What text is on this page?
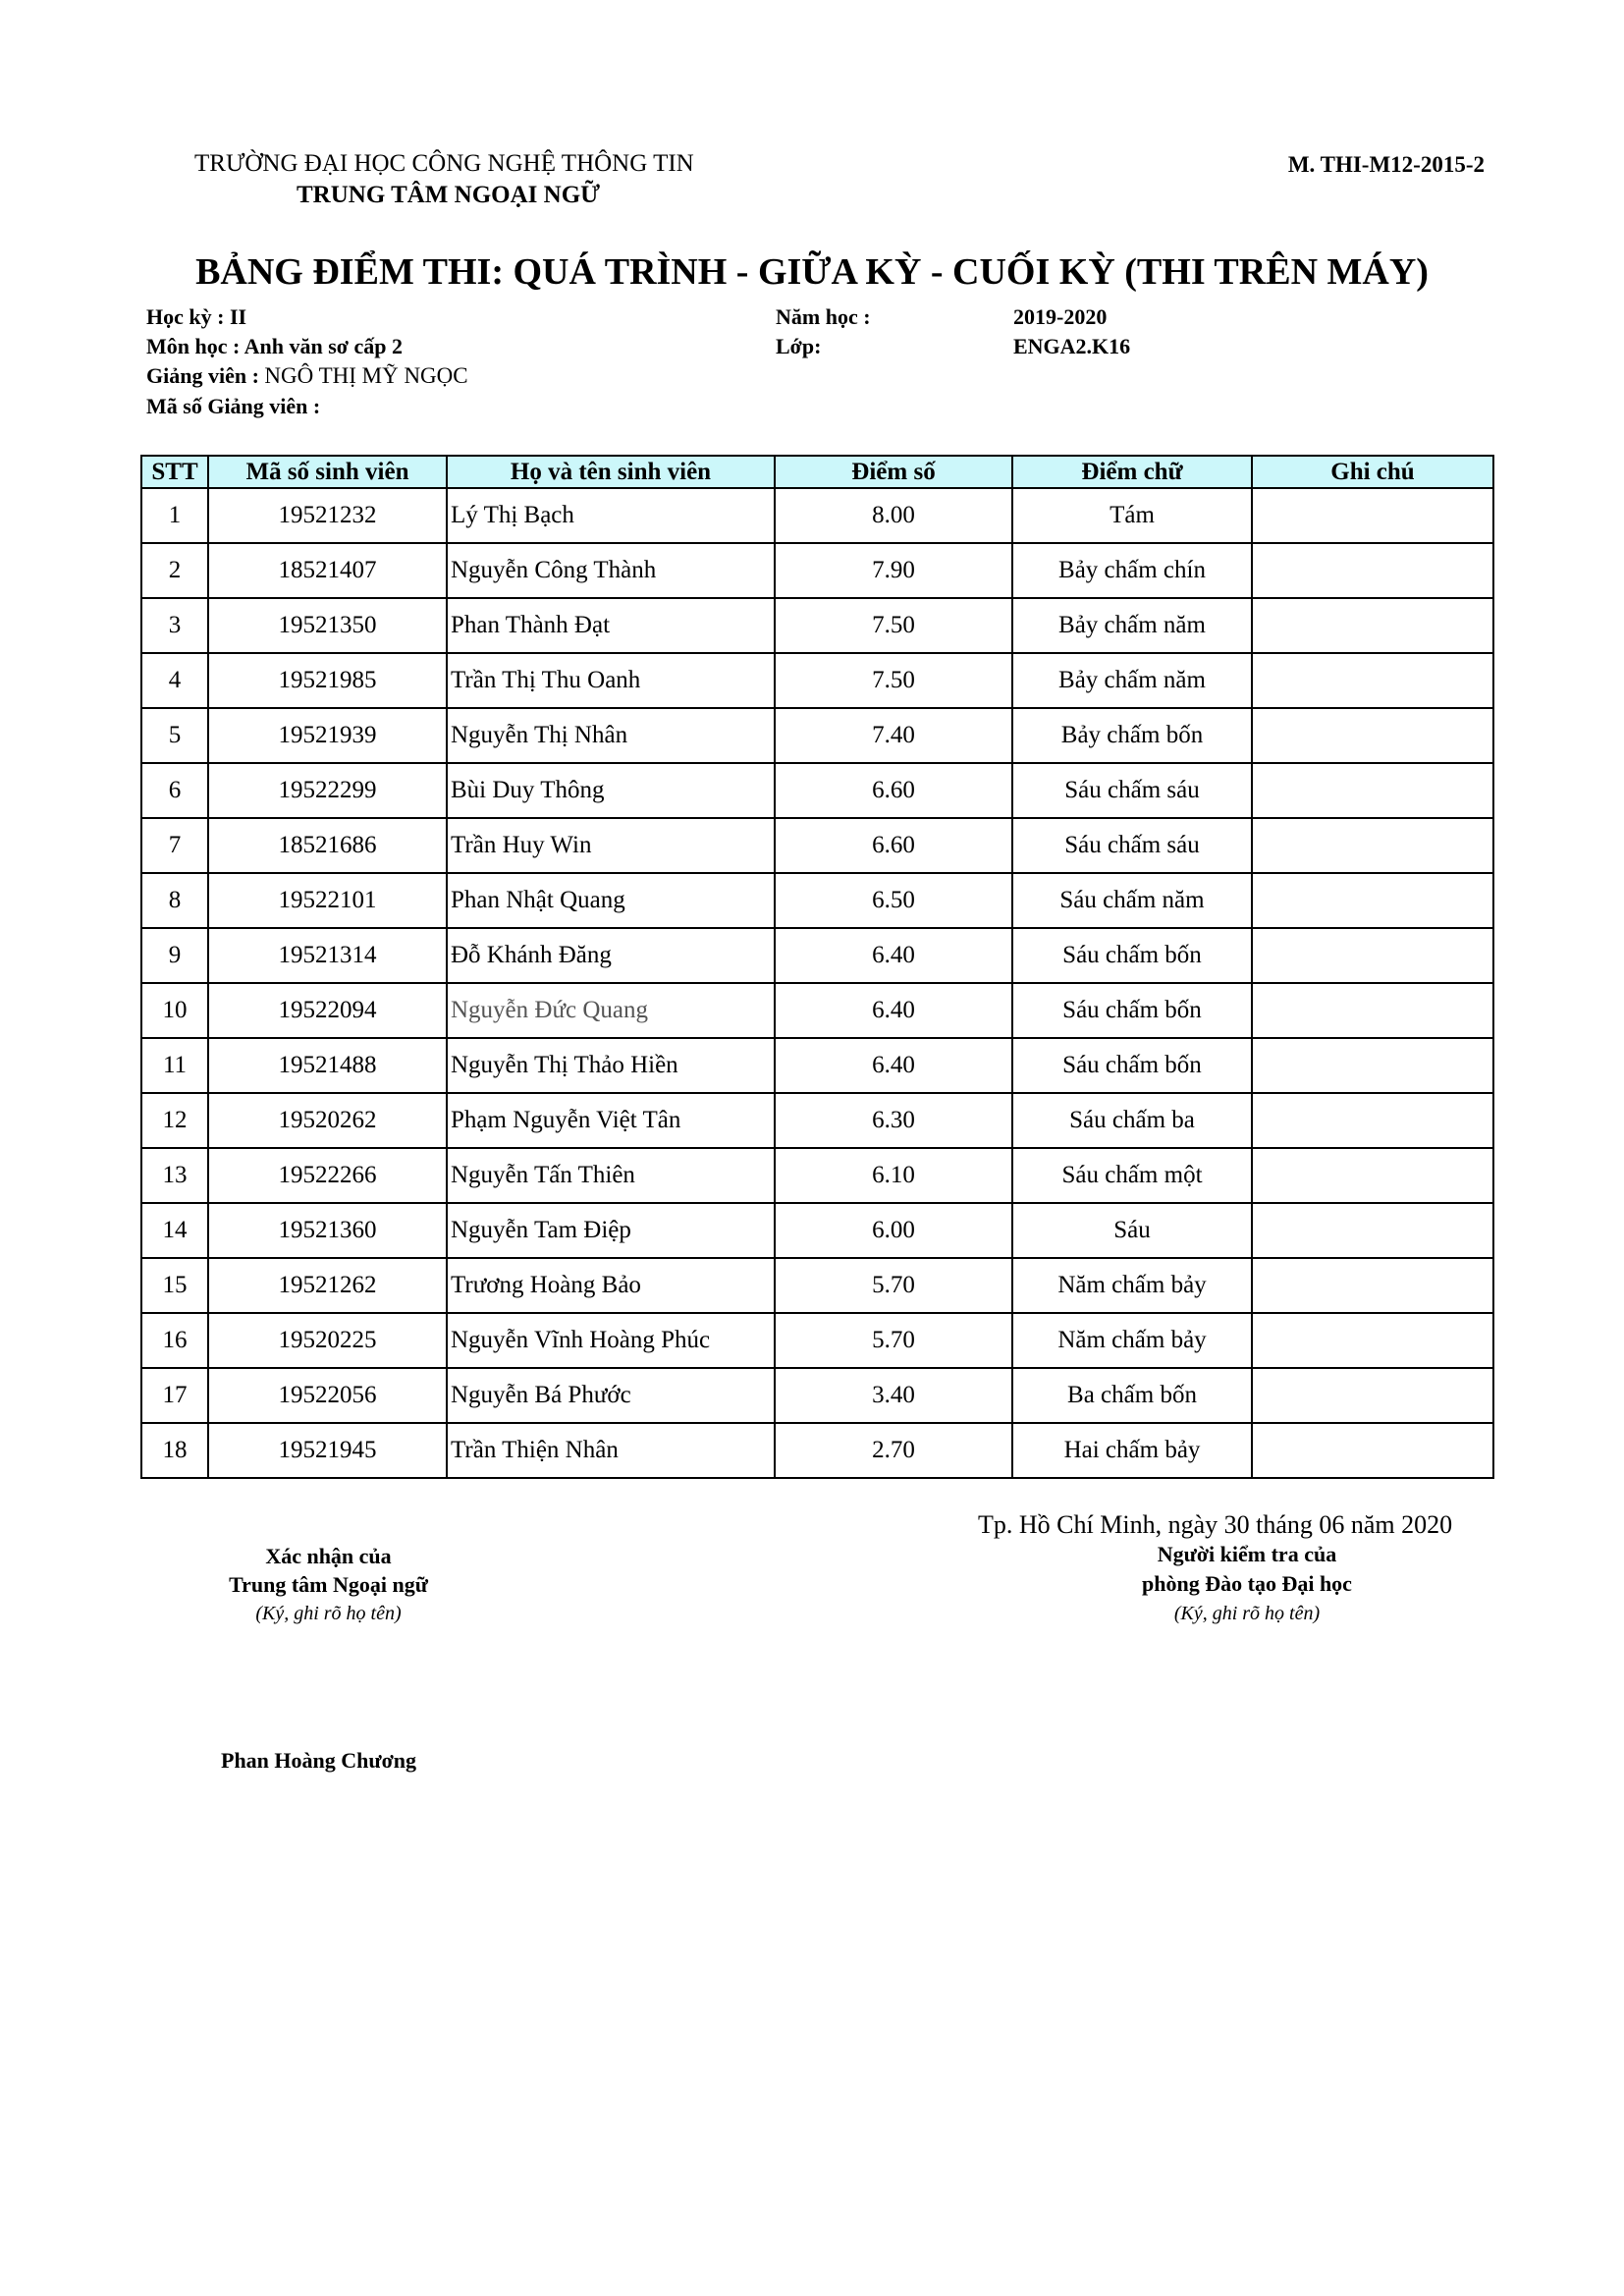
TRƯỜNG ĐẠI HỌC CÔNG NGHỆ THÔNG TIN
TRUNG TÂM NGOẠI NGỮ
M. THI-M12-2015-2
BẢNG ĐIỂM THI: QUÁ TRÌNH - GIỮA KỲ - CUỐI KỲ (THI TRÊN MÁY)
Học kỳ : II	Năm học :	2019-2020
Môn học : Anh văn sơ cấp 2	Lớp:	ENGA2.K16
Giảng viên : NGÔ THỊ MỸ NGỌC
Mã số Giảng viên :
STT	Mã số sinh viên	Họ và tên sinh viên	Điểm số	Điểm chữ	Ghi chú
1	19521232	Lý Thị Bạch	8.00	Tám	
2	18521407	Nguyễn Công Thành	7.90	Bảy chấm chín	
3	19521350	Phan Thành Đạt	7.50	Bảy chấm năm	
4	19521985	Trần Thị Thu Oanh	7.50	Bảy chấm năm	
5	19521939	Nguyễn Thị Nhân	7.40	Bảy chấm bốn	
6	19522299	Bùi Duy Thông	6.60	Sáu chấm sáu	
7	18521686	Trần Huy Win	6.60	Sáu chấm sáu	
8	19522101	Phan Nhật Quang	6.50	Sáu chấm năm	
9	19521314	Đỗ Khánh Đăng	6.40	Sáu chấm bốn	
10	19522094	Nguyễn Đức Quang	6.40	Sáu chấm bốn	
11	19521488	Nguyễn Thị Thảo Hiền	6.40	Sáu chấm bốn	
12	19520262	Phạm Nguyễn Việt Tân	6.30	Sáu chấm ba	
13	19522266	Nguyễn Tấn Thiên	6.10	Sáu chấm một	
14	19521360	Nguyễn Tam Điệp	6.00	Sáu	
15	19521262	Trương Hoàng Bảo	5.70	Năm chấm bảy	
16	19520225	Nguyễn Vĩnh Hoàng Phúc	5.70	Năm chấm bảy	
17	19522056	Nguyễn Bá Phước	3.40	Ba chấm bốn	
18	19521945	Trần Thiện Nhân	2.70	Hai chấm bảy	
Tp. Hồ Chí Minh, ngày 30 tháng 06 năm 2020
Xác nhận của
Trung tâm Ngoại ngữ
(Ký, ghi rõ họ tên)
Người kiểm tra của
phòng Đào tạo Đại học
(Ký, ghi rõ họ tên)
Phan Hoàng Chương
